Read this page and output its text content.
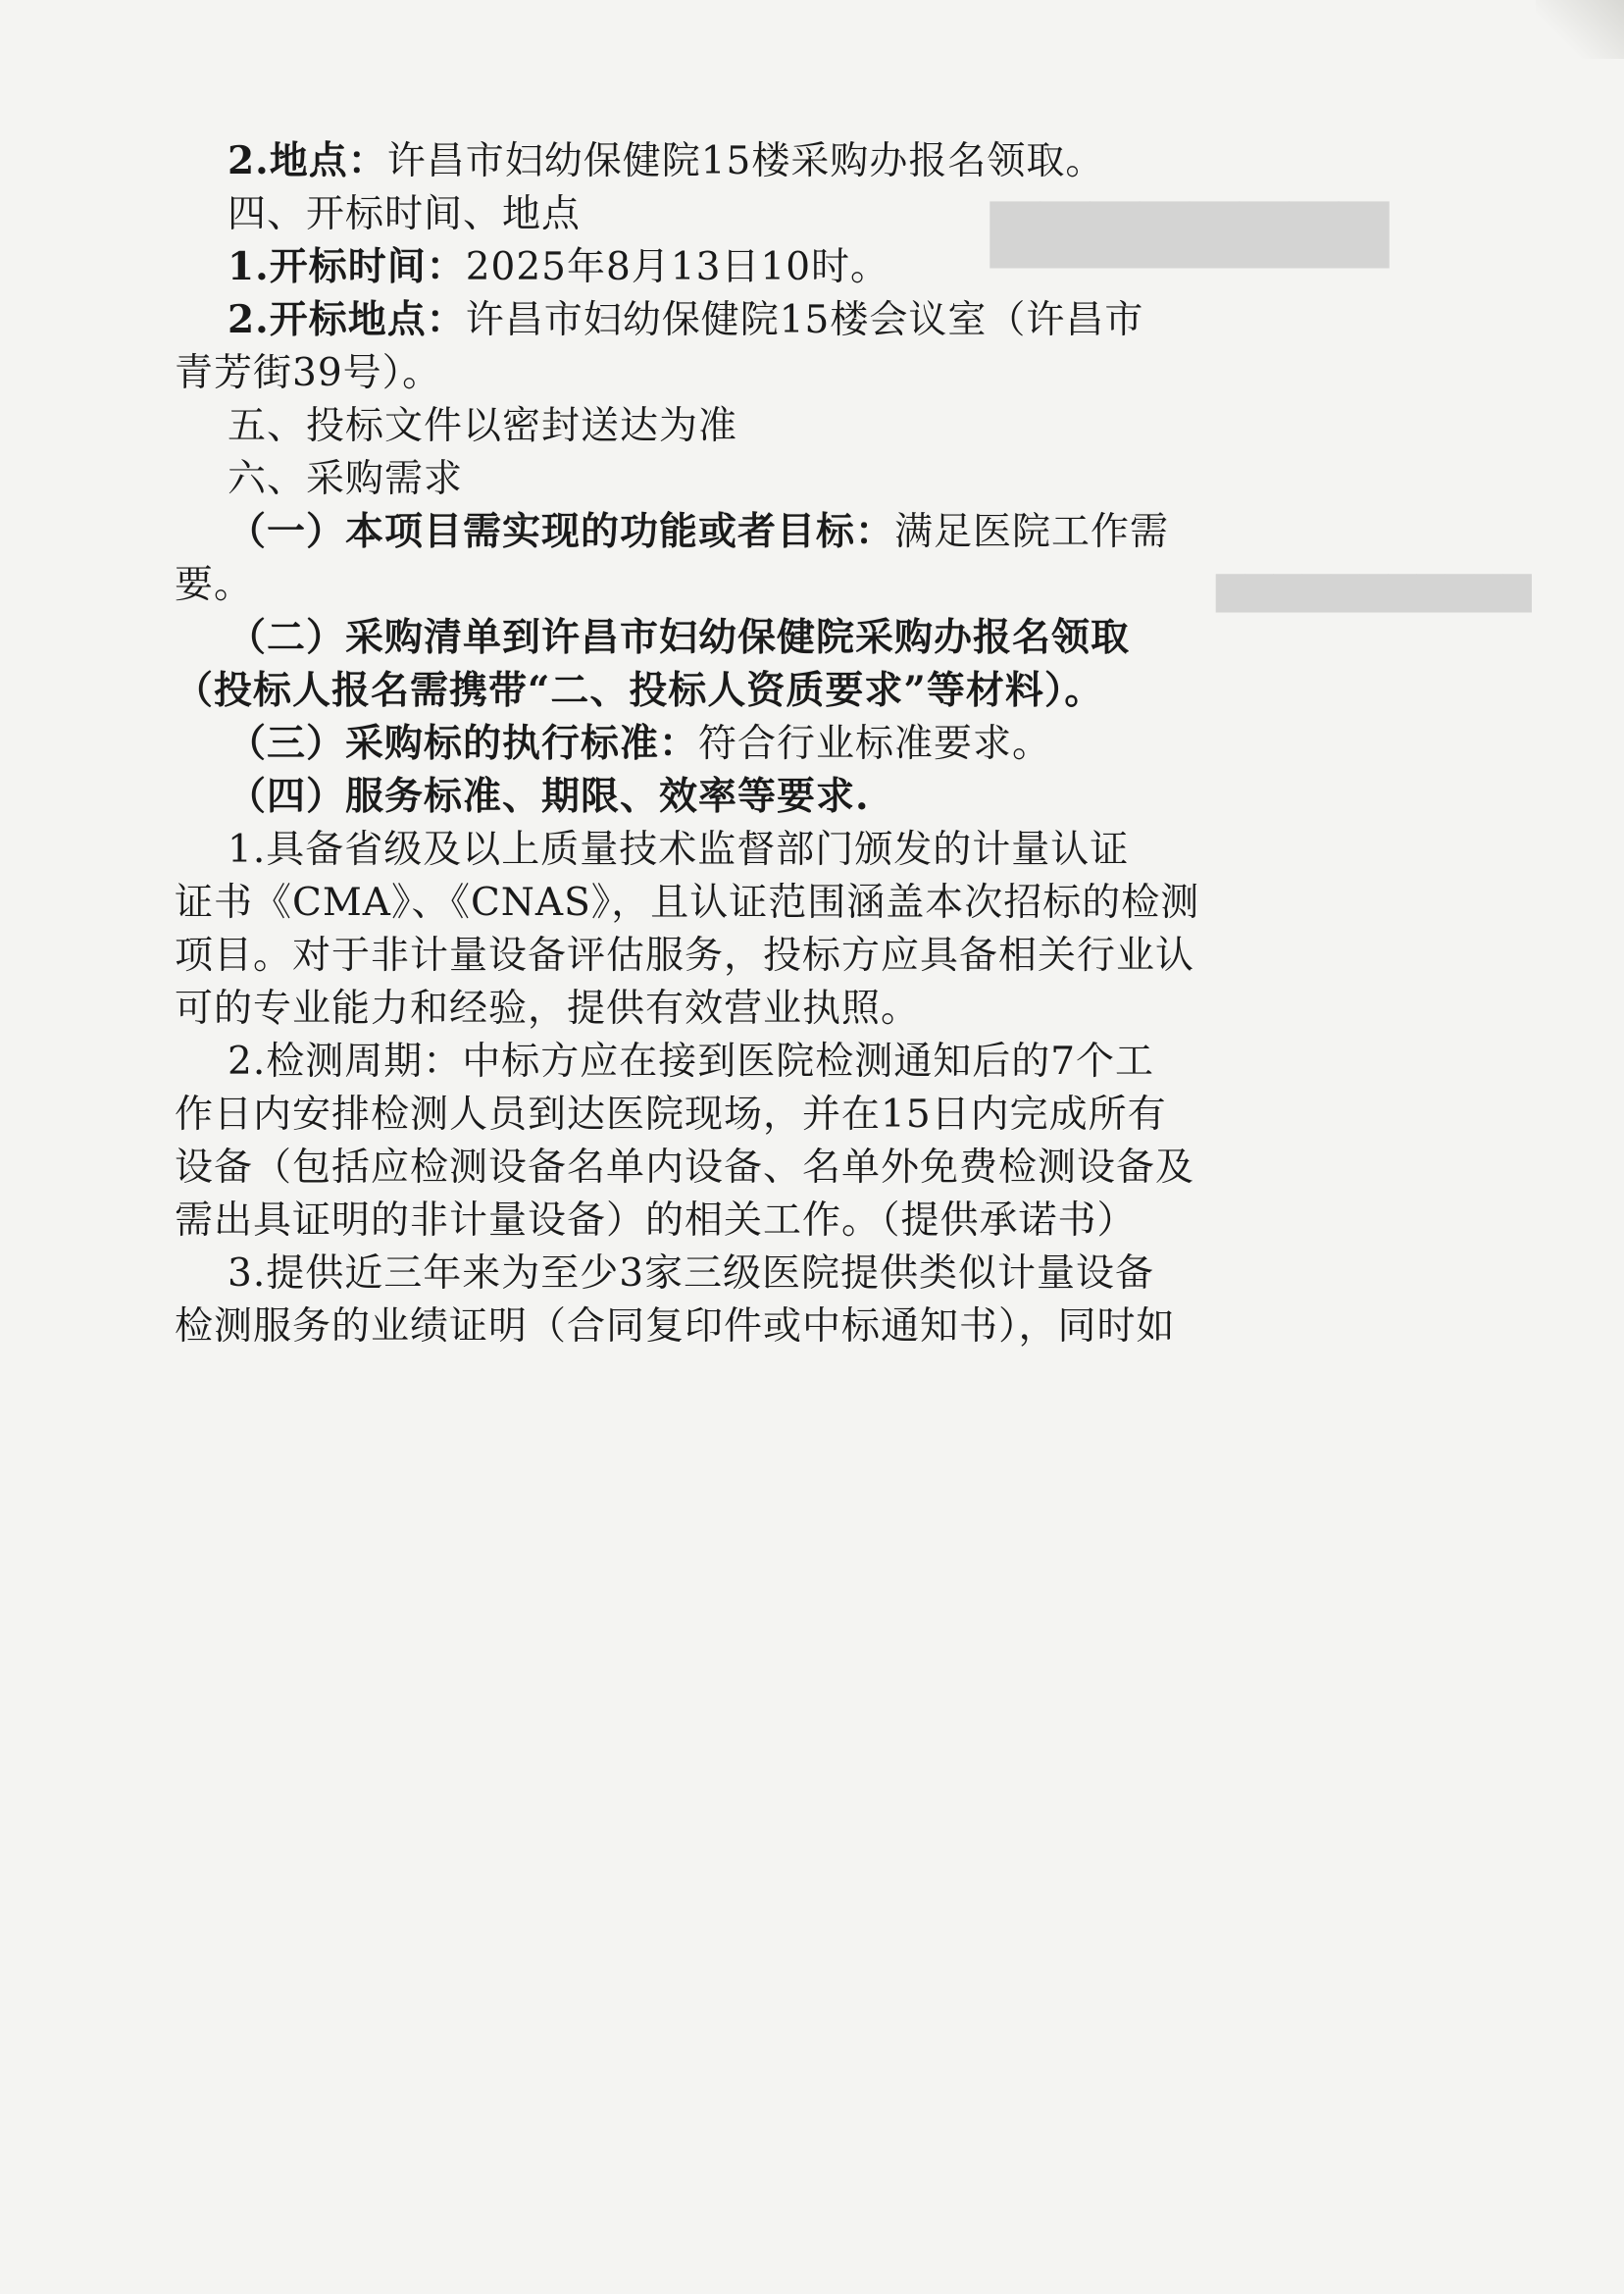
▇▇▇▇▇▇▇▇
▇▇▇▇▇▇▇▇▇▇▇
2.地点：许昌市妇幼保健院15楼采购办报名领取。
四、开标时间、地点
1.开标时间：2025年8月13日10时。
2.开标地点：许昌市妇幼保健院15楼会议室（许昌市
青芳街39号）。
五、投标文件以密封送达为准
六、采购需求
（一）本项目需实现的功能或者目标：满足医院工作需
要。
（二）采购清单到许昌市妇幼保健院采购办报名领取
（投标人报名需携带“二、投标人资质要求”等材料）。
（三）采购标的执行标准：符合行业标准要求。
（四）服务标准、期限、效率等要求.
1.具备省级及以上质量技术监督部门颁发的计量认证
证书《CMA》、《CNAS》，且认证范围涵盖本次招标的检测
项目。对于非计量设备评估服务，投标方应具备相关行业认
可的专业能力和经验，提供有效营业执照。
2.检测周期：中标方应在接到医院检测通知后的7个工
作日内安排检测人员到达医院现场，并在15日内完成所有
设备（包括应检测设备名单内设备、名单外免费检测设备及
需出具证明的非计量设备）的相关工作。（提供承诺书）
3.提供近三年来为至少3家三级医院提供类似计量设备
检测服务的业绩证明（合同复印件或中标通知书），同时如
